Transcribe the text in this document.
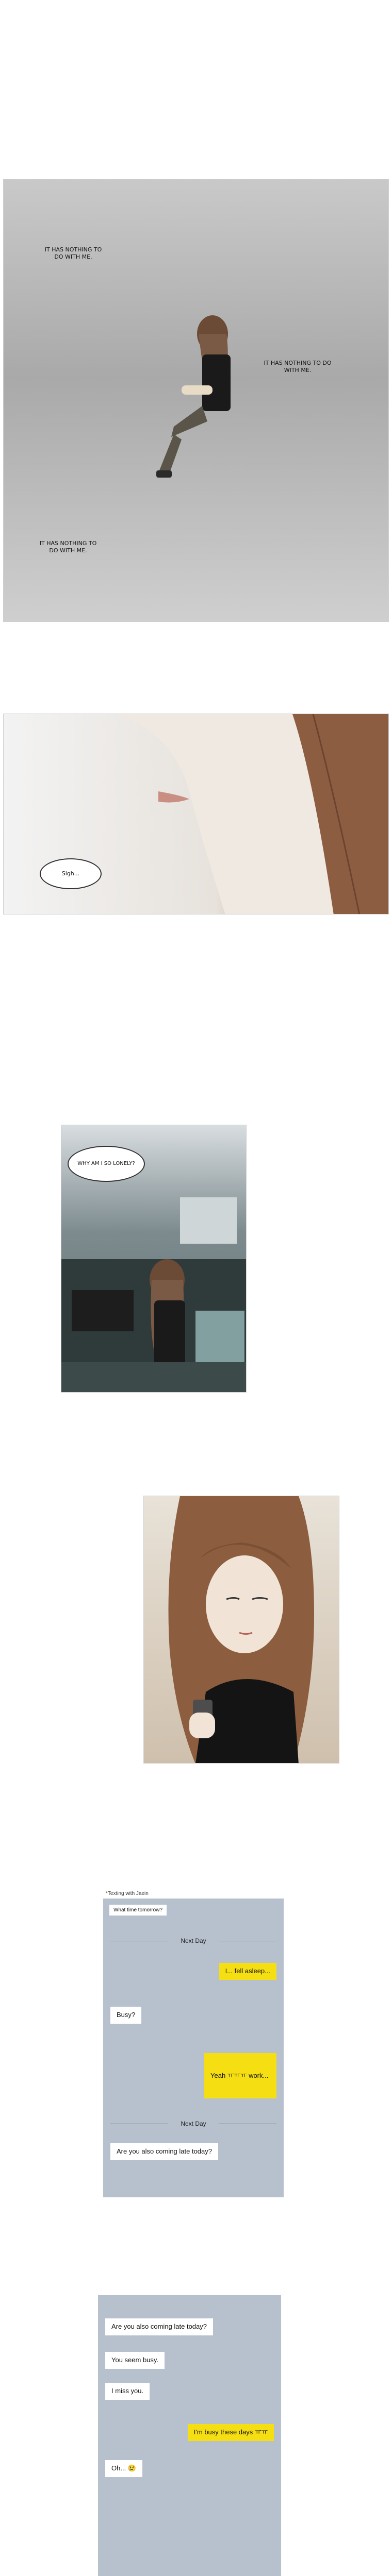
IT HAS NOTHING TO DO WITH ME.
IT HAS NOTHING TO DO WITH ME.
IT HAS NOTHING TO DO WITH ME.
Sigh...
WHY AM I SO LONELY?
*Texting with Jaein
What time tomorrow?
Next Day
I... fell asleep...
Busy?
Yeah ㅠㅠㅠ work...
Next Day
Are you also coming late today?
Are you also coming late today?
You seem busy.
I miss you.
I'm busy these days ㅠㅠ
Oh... 😢
